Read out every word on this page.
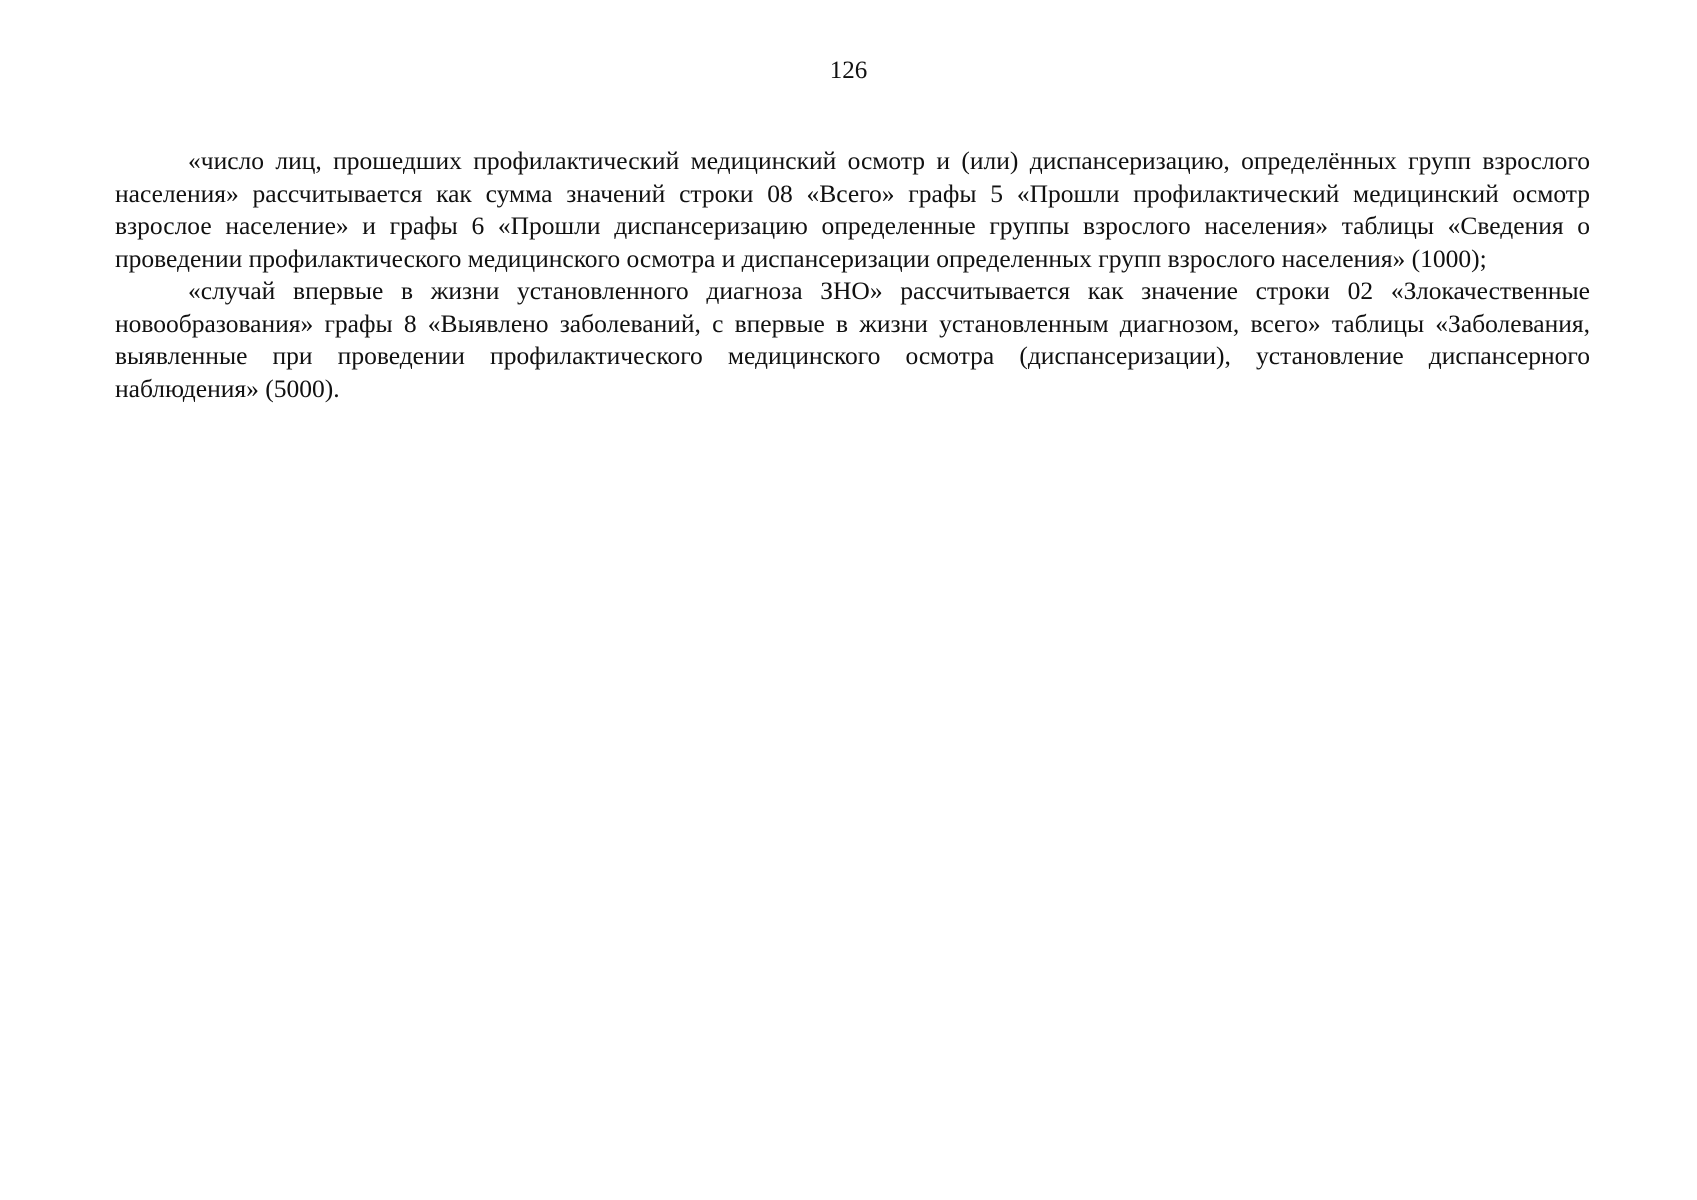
126

«число лиц, прошедших профилактический медицинский осмотр и (или) диспансеризацию, определённых групп взрослого населения» рассчитывается как сумма значений строки 08 «Всего» графы 5 «Прошли профилактический медицинский осмотр взрослое население» и графы 6 «Прошли диспансеризацию определенные группы взрослого населения» таблицы «Сведения о проведении профилактического медицинского осмотра и диспансеризации определенных групп взрослого населения» (1000);

«случай впервые в жизни установленного диагноза ЗНО» рассчитывается как значение строки 02 «Злокачественные новообразования» графы 8 «Выявлено заболеваний, с впервые в жизни установленным диагнозом, всего» таблицы «Заболевания, выявленные при проведении профилактического медицинского осмотра (диспансеризации), установление диспансерного наблюдения» (5000).
